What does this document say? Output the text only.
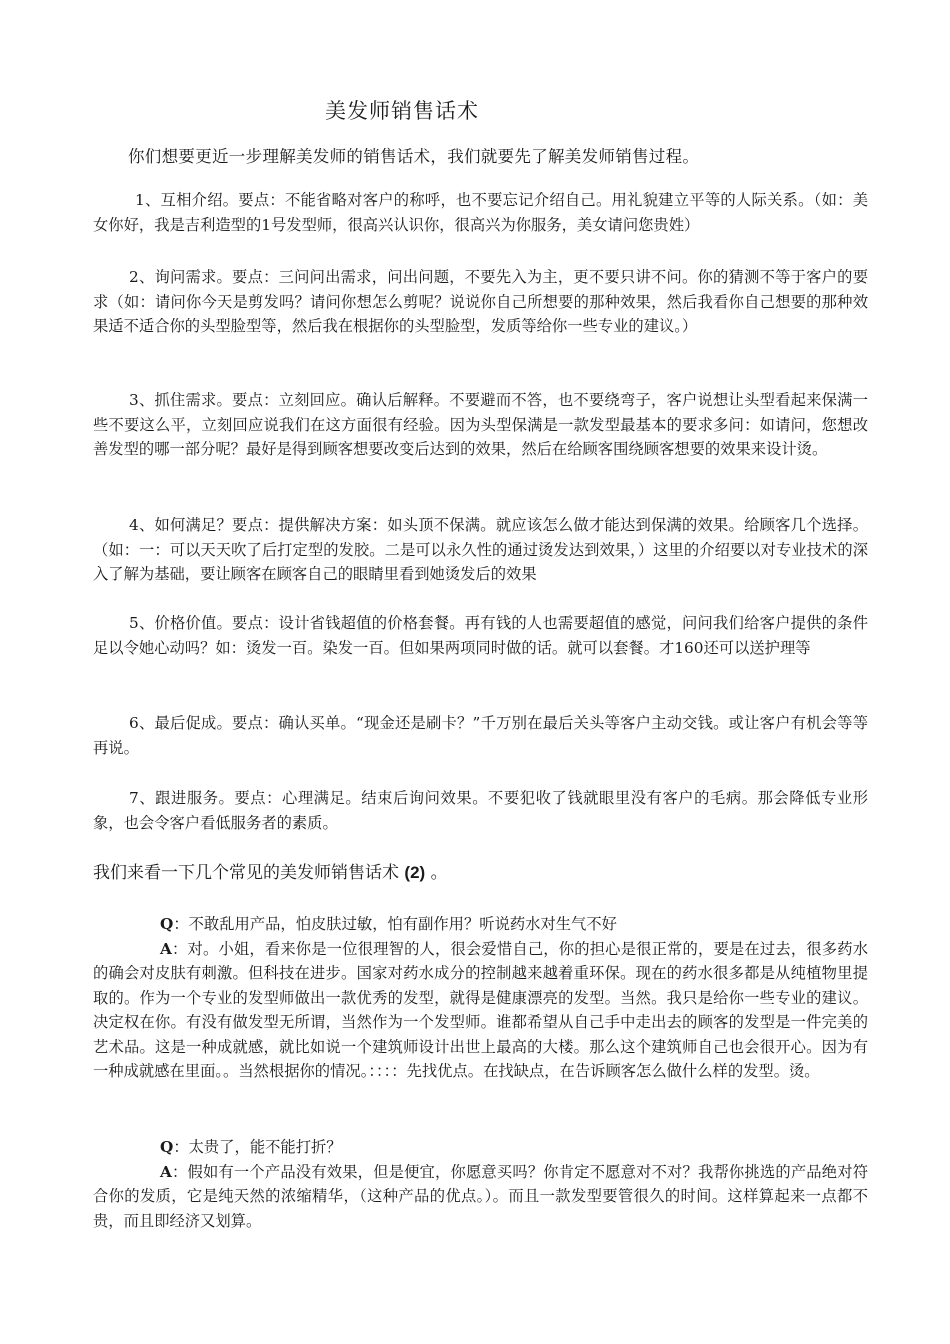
美发师销售话术
你们想要更近一步理解美发师的销售话术，我们就要先了解美发师销售过程。
1、互相介绍。要点：不能省略对客户的称呼，也不要忘记介绍自己。用礼貌建立平等的人际关系。（如：美女你好，我是吉利造型的1号发型师，很高兴认识你，很高兴为你服务，美女请问您贵姓）
2、询问需求。要点：三问问出需求，问出问题，不要先入为主，更不要只讲不问。你的猜测不等于客户的要求（如：请问你今天是剪发吗？请问你想怎么剪呢？说说你自己所想要的那种效果，然后我看你自己想要的那种效果适不适合你的头型脸型等，然后我在根据你的头型脸型，发质等给你一些专业的建议。）
3、抓住需求。要点：立刻回应。确认后解释。不要避而不答，也不要绕弯子，客户说想让头型看起来保满一些不要这么平，立刻回应说我们在这方面很有经验。因为头型保满是一款发型最基本的要求多问：如请问，您想改善发型的哪一部分呢？最好是得到顾客想要改变后达到的效果，然后在给顾客围绕顾客想要的效果来设计烫。
4、如何满足？要点：提供解决方案：如头顶不保满。就应该怎么做才能达到保满的效果。给顾客几个选择。（如：一：可以天天吹了后打定型的发胶。二是可以永久性的通过烫发达到效果，）这里的介绍要以对专业技术的深入了解为基础，要让顾客在顾客自己的眼睛里看到她烫发后的效果
5、价格价值。要点：设计省钱超值的价格套餐。再有钱的人也需要超值的感觉，问问我们给客户提供的条件足以令她心动吗？如：烫发一百。染发一百。但如果两项同时做的话。就可以套餐。才160还可以送护理等
6、最后促成。要点：确认买单。“现金还是刷卡？”千万别在最后关头等客户主动交钱。或让客户有机会等等再说。
7、跟进服务。要点：心理满足。结束后询问效果。不要犯收了钱就眼里没有客户的毛病。那会降低专业形象，也会令客户看低服务者的素质。
我们来看一下几个常见的美发师销售话术 (2) 。
Q：不敢乱用产品，怕皮肤过敏，怕有副作用？听说药水对生气不好
A：对。小姐，看来你是一位很理智的人，很会爱惜自己，你的担心是很正常的，要是在过去，很多药水的确会对皮肤有刺激。但科技在进步。国家对药水成分的控制越来越着重环保。现在的药水很多都是从纯植物里提取的。作为一个专业的发型师做出一款优秀的发型，就得是健康漂亮的发型。当然。我只是给你一些专业的建议。决定权在你。有没有做发型无所谓，当然作为一个发型师。谁都希望从自己手中走出去的顾客的发型是一件完美的艺术品。这是一种成就感，就比如说一个建筑师设计出世上最高的大楼。那么这个建筑师自己也会很开心。因为有一种成就感在里面。。当然根据你的情况。：：：：先找优点。在找缺点，在告诉顾客怎么做什么样的发型。烫。
Q：太贵了，能不能打折？
A：假如有一个产品没有效果，但是便宜，你愿意买吗？你肯定不愿意对不对？我帮你挑选的产品绝对符合你的发质，它是纯天然的浓缩精华，（这种产品的优点。）。而且一款发型要管很久的时间。这样算起来一点都不贵，而且即经济又划算。
